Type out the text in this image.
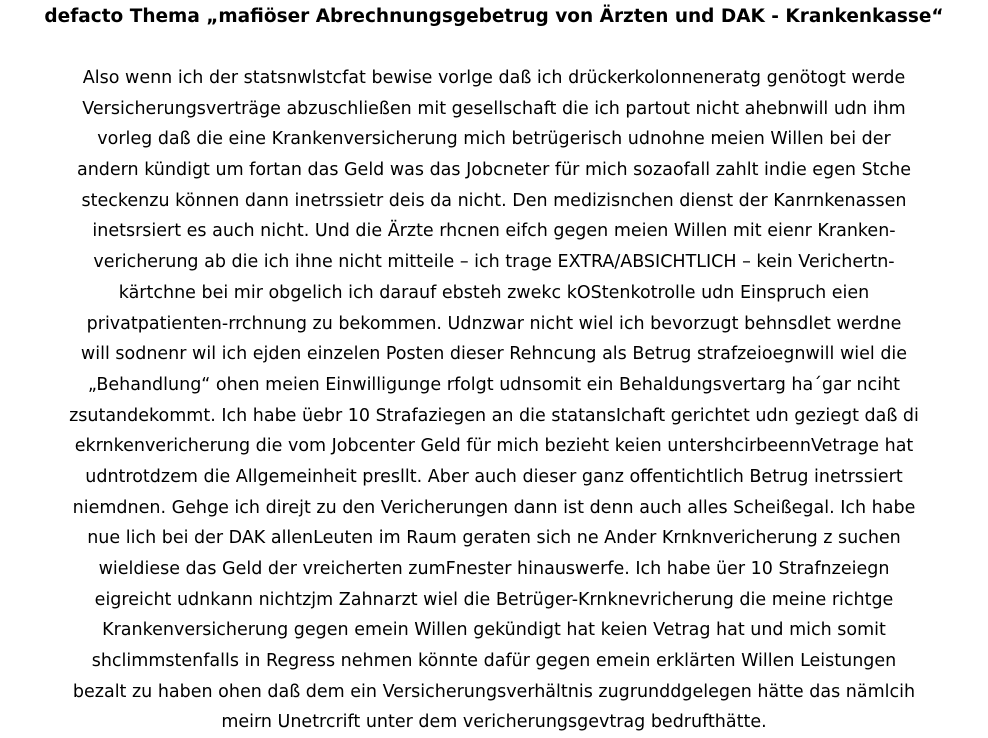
defacto Thema „mafiöser Abrechnungsgebetrug von Ärzten und DAK - Krankenkasse“
Also wenn ich der statsnwlstcfat bewise vorlge daß ich drückerkolonneneratg genötogt werde
Versicherungsverträge abzuschließen mit gesellschaft die ich partout nicht ahebnwill udn ihm
vorleg daß die eine Krankenversicherung mich betrügerisch udnohne meien Willen bei der
andern kündigt um fortan das Geld was das Jobcneter für mich sozaofall zahlt indie egen Stche
steckenzu können dann inetrssietr deis da nicht. Den medizisnchen dienst der Kanrnkenassen
inetsrsiert es auch nicht. Und die Ärzte rhcnen eifch gegen meien Willen mit eienr Kranken-
vericherung ab die ich ihne nicht mitteile – ich trage EXTRA/ABSICHTLICH – kein Verichertn-
kärtchne bei mir obgelich ich darauf ebsteh zwekc kOStenkotrolle udn Einspruch eien
privatpatienten-rrchnung zu bekommen. Udnzwar nicht wiel ich bevorzugt behnsdlet werdne
will sodnenr wil ich ejden einzelen Posten dieser Rehncung als Betrug strafzeioegnwill wiel die
„Behandlung“ ohen meien Einwilligunge rfolgt udnsomit ein Behaldungsvertarg ha´gar nciht
zsutandekommt. Ich habe üebr 10 Strafaziegen an die statansIchaft gerichtet udn geziegt daß di
ekrnkenvericherung die vom Jobcenter Geld für mich bezieht keien untershcirbeennVetrage hat
udntrotdzem die Allgemeinheit presllt. Aber auch dieser ganz offentichtlich Betrug inetrssiert
niemdnen. Gehge ich direjt zu den Vericherungen dann ist denn auch alles Scheißegal. Ich habe
nue lich bei der DAK allenLeuten im Raum geraten sich ne Ander Krnknvericherung z suchen
wieldiese das Geld der vreicherten zumFnester hinauswerfe. Ich habe üer 10 Strafnzeiegn
eigreicht udnkann nichtzjm Zahnarzt wiel die Betrüger-Krnknevricherung die meine richtge
Krankenversicherung gegen emein Willen gekündigt hat keien Vetrag hat und mich somit
shclimmstenfalls in Regress nehmen könnte dafür gegen emein erklärten Willen Leistungen
bezalt zu haben ohen daß dem ein Versicherungsverhältnis zugrunddgelegen hätte das nämlcih
meirn Unetrcrift unter dem vericherungsgevtrag bedrufthätte.
